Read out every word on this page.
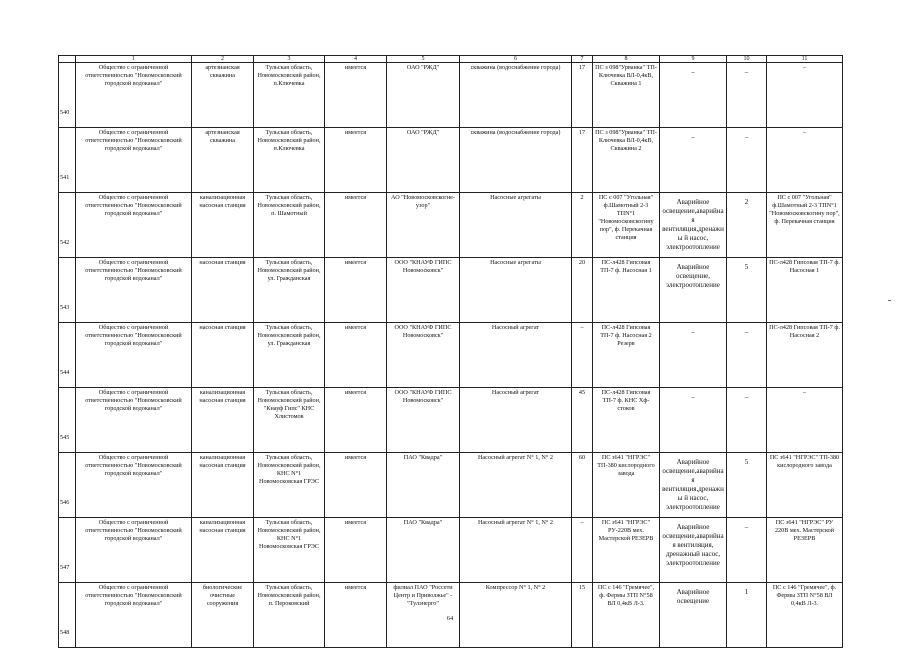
	1	2	3	4	5	6	7	8	9	10	11
540	Общество с ограниченной ответственностью "Новомосковский городской водоканал"	артезианская скважина	Тульская область, Новомосковский район, п.Ключевка	имеется	ОАО "РЖД"	скважина (водоснабжение города)	17	ПС з 098"Урванка" ТП-Ключевка ВЛ-0,4кВ, Скважина 1	–	–	–
541	Общество с ограниченной ответственностью "Новомосковский городской водоканал"	артезианская скважина	Тульская область, Новомосковский район, п.Ключевка	имеется	ОАО "РЖД"	скважина (водоснабжение города)	17	ПС з 098"Урванка" ТП-Ключевка ВЛ-0,4кВ, Скважина 2	–	–	–
542	Общество с ограниченной ответственностью "Новомосковский городской водоканал"	канализационная насосная станция	Тульская область, Новомосковский район, п. Шамотный	имеется	АО "Новомосковскогие-узор"	Насосные агрегаты	2	ПС с 007 "Угольная" ф.Шамотный 2-3 ТПN°1 "Новомосковскогину пор", ф. Перекачная станция	Аварийное освещение,аварийная вентиляция,дренажны й насос, электроотопление	2	ПС с 007 "Угольная" ф.Шамотный 2-3 ТПN°1 "Новомосковскогину пор", ф. Перекачная станция
543	Общество с ограниченной ответственностью "Новомосковский городской водоканал"	насосная станция	Тульская область, Новомосковский район, ул. Гражданская	имеется	ООО "КНАУФ ГИПС Новомосковск"	Насосные агрегаты	20	ПС-л428 Гипсовая ТП-7 ф. Насосная 1	Аварийное освещение, электроотопление	5	ПС-л428 Гипсовая ТП-7 ф. Насосная 1
544	Общество с ограниченной ответственностью "Новомосковский городской водоканал"	насосная станция	Тульская область, Новомосковский район, ул. Гражданская	имеется	ООО "КНАУФ ГИПС Новомосковск"	Насосный агрегат	–	ПС-л428 Гипсовая ТП-7 ф. Насосная 2 Резерв	–	–	ПС-л428 Гипсовая ТП-7 ф. Насосная 2
545	Общество с ограниченной ответственностью "Новомосковский городской водоканал"	канализационная насосная станция	Тульская область, Новомосковский район, "Кнауф Гипс" КНС Хлистомов	имеется	ООО "КНАУФ ГИПС Новомосковск"	Насосный агрегат	45	ПС-л428 Гипсовая ТП-7 ф. КНС Хф-стоков	–	–	–
546	Общество с ограниченной ответственностью "Новомосковский городской водоканал"	канализационная насосная станция	Тульская область, Новомосковский район, КНС N°1 Новомосковская ГРЭС	имеется	ПАО "Квадра"	Насосный агрегат N° 1, N° 2	60	ПС з641 "НГРЭС" ТП-380 кислородного завода	Аварийное освещение,аварийная вентиляция,дренажны й насос, электроотопление	5	ПС з641 "НГРЭС" ТП-380 кислородного завода
547	Общество с ограниченной ответственностью "Новомосковский городской водоканал"	канализационная насосная станция	Тульская область, Новомосковский район, КНС N°1 Новомосковская ГРЭС	имеется	ПАО "Квадра"	Насосный агрегат N° 1, N° 2	–	ПС з641 "НГРЭС" РУ-220В мех. Мастерской РЕЗЕРВ	Аварийное освещение,аварийная вентиляция, дренажный насос, электроотопление	–	ПС з641 "НГРЭС" РУ 220В мех. Мастерской РЕЗЕРВ
548	Общество с ограниченной ответственностью "Новомосковский городской водоканал"	биологические очистные сооружения	Тульская область, Новомосковский район, п. Пероковский	имеется	филиал ПАО "Россети Центр и Приволжье" - "Тулэнерго"	Компрессор N° 1, N° 2	15	ПС с 146 "Гремячее", ф. Фермы ЗТП N°58 ВЛ 0,4кВ Л-3.	Аварийное освещение	1	ПС с 146 "Гремячее", ф. Фермы ЗТП N°58 ВЛ 0,4кВ Л-3.
64
